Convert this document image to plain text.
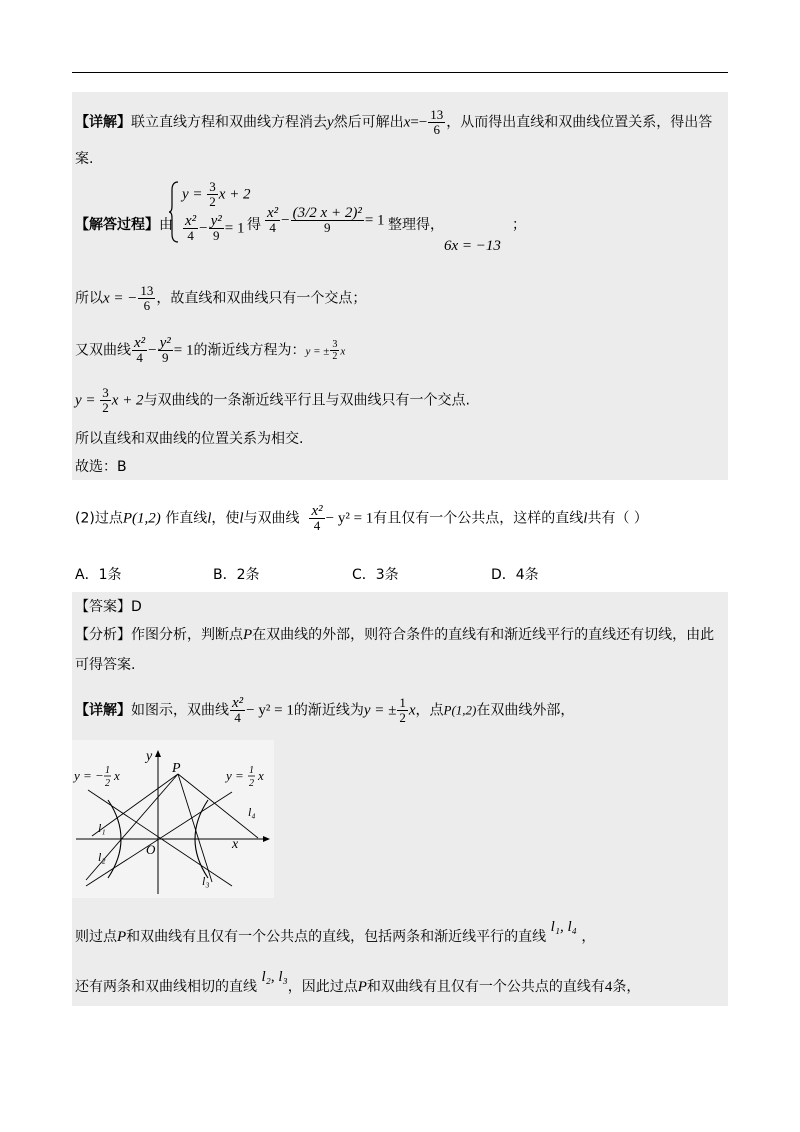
【详解】联立直线方程和双曲线方程消去y然后可解出$x=- \frac{13}{6}$ ，从而得出直线和双曲线位置关系，得出答
案.
【解答过程】由
$y = \frac{3}{2}$ x + 2
$\frac{\text{x²}}{4} - \frac{\text{y²}}{9} = 1$ 得 $\frac{\text{x²}}{4} - \frac{\text{(3/2 x + 2)²}}{9} = 1$ 整理得，	；
6x = −13
所以x = − $\frac{13}{6}$ ，故直线和双曲线只有一个交点；
又双曲线 $\frac{\text{x²}}{4} - \frac{\text{y²}}{9} = 1$的渐近线方程为：y = ± $\frac{3}{2}$ x
$y = \frac{3}{2}$ x + 2与双曲线的一条渐近线平行且与双曲线只有一个交点.
所以直线和双曲线的位置关系为相交.
故选：B
(2)过点P(1,2) 作直线l，使l与双曲线 $\frac{\text{x²}}{4} - y^2 = 1$有且仅有一个公共点，这样的直线l共有（ ）
A．1条	B．2条	C．3条	D．4条
【答案】D
【分析】作图分析，判断点P在双曲线的外部，则符合条件的直线有和渐近线平行的直线还有切线，由此
可得答案.
【详解】如图示，双曲线 $\frac{\text{x²}}{4} - y^2 = 1$的渐近线为y = ± $\frac{1}{2}$ x，点P(1,2)在双曲线外部，
y
x
O
P
y = − 1
2
x	y = 1
2
x
l₁
l₂
l₃
l₄
则过点P和双曲线有且仅有一个公共点的直线，包括两条和渐近线平行的直线 l₁, l₄ ，
还有两条和双曲线相切的直线 l₂, l₃，因此过点P和双曲线有且仅有一个公共点的直线有4条，
